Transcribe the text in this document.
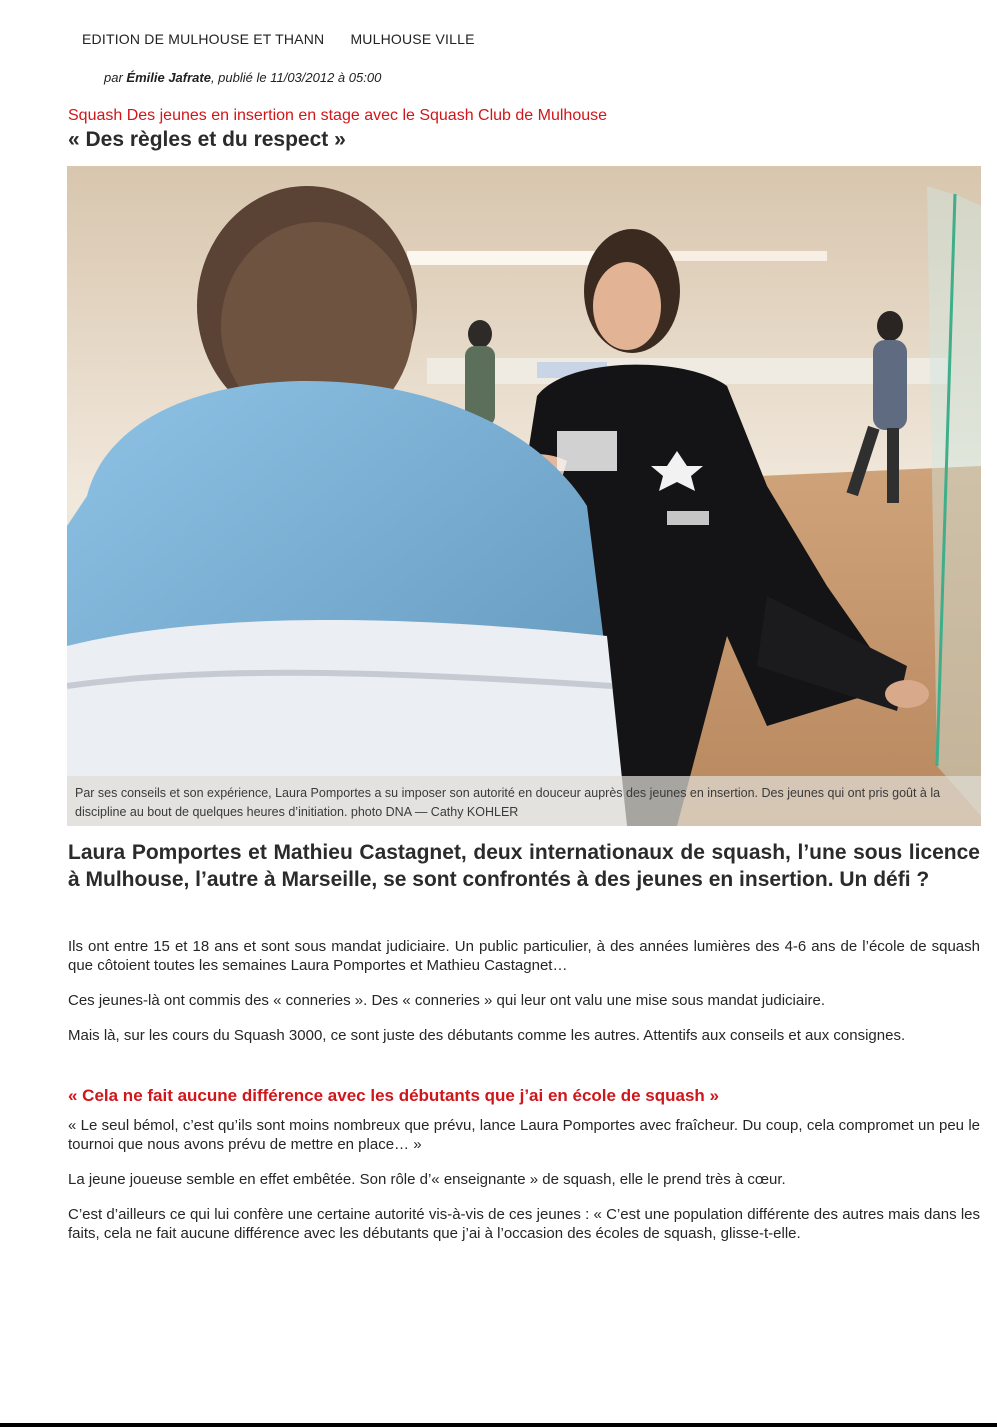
EDITION DE MULHOUSE ET THANN MULHOUSE VILLE
par Émilie Jafrate, publié le 11/03/2012 à 05:00
Squash Des jeunes en insertion en stage avec le Squash Club de Mulhouse
« Des règles et du respect »
Par ses conseils et son expérience, Laura Pomportes a su imposer son autorité en douceur auprès des jeunes en insertion. Des jeunes qui ont pris goût à la discipline au bout de quelques heures d’initiation. photo DNA — Cathy KOHLER
Laura Pomportes et Mathieu Castagnet, deux internationaux de squash, l’une sous licence à Mulhouse, l’autre à Marseille, se sont confrontés à des jeunes en insertion. Un défi ?

Ils ont entre 15 et 18 ans et sont sous mandat judiciaire. Un public particulier, à des années lumières des 4-6 ans de l’école de squash que côtoient toutes les semaines Laura Pomportes et Mathieu Castagnet…

Ces jeunes-là ont commis des « conneries ». Des « conneries » qui leur ont valu une mise sous mandat judiciaire.

Mais là, sur les cours du Squash 3000, ce sont juste des débutants comme les autres. Attentifs aux conseils et aux consignes.

« Cela ne fait aucune différence avec les débutants que j’ai en école de squash »

« Le seul bémol, c’est qu’ils sont moins nombreux que prévu, lance Laura Pomportes avec fraîcheur. Du coup, cela compromet un peu le tournoi que nous avons prévu de mettre en place… »

La jeune joueuse semble en effet embêtée. Son rôle d’« enseignante » de squash, elle le prend très à cœur.

C’est d’ailleurs ce qui lui confère une certaine autorité vis-à-vis de ces jeunes : « C’est une population différente des autres mais dans les faits, cela ne fait aucune différence avec les débutants que j’ai à l’occasion des écoles de squash, glisse-t-elle.
